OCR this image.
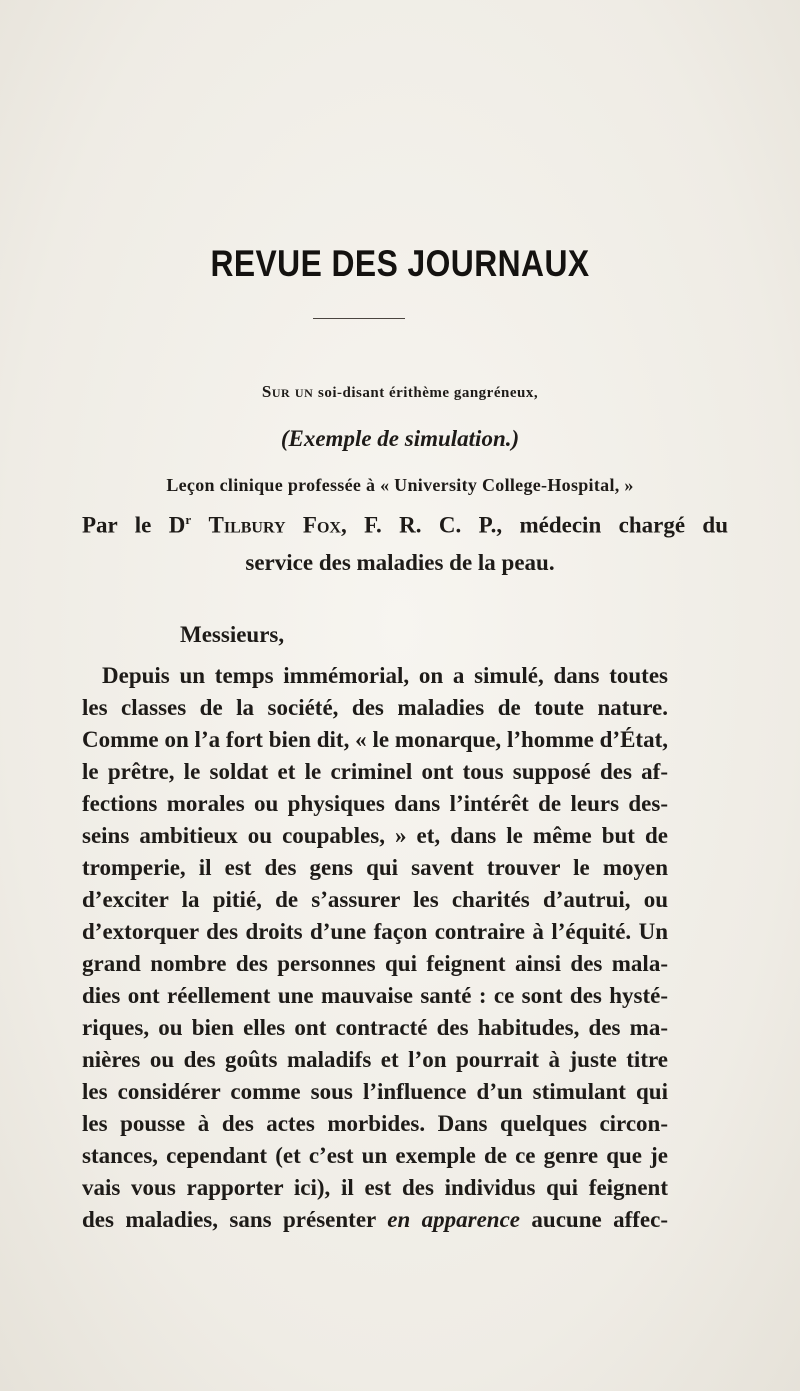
REVUE DES JOURNAUX
Sur un soi-disant érithème gangréneux,
(Exemple de simulation.)
Leçon clinique professée à « University College-Hospital, »
Par le $D^r$ Tilbury Fox, F. R. C. P., médecin chargé du
service des maladies de la peau.
Messieurs,
Depuis un temps immémorial, on a simulé, dans toutes
les classes de la société, des maladies de toute nature.
Comme on l’a fort bien dit, « le monarque, l’homme d’État,
le prêtre, le soldat et le criminel ont tous supposé des af-
fections morales ou physiques dans l’intérêt de leurs des-
seins ambitieux ou coupables, » et, dans le même but de
tromperie, il est des gens qui savent trouver le moyen
d’exciter la pitié, de s’assurer les charités d’autrui, ou
d’extorquer des droits d’une façon contraire à l’équité. Un
grand nombre des personnes qui feignent ainsi des mala-
dies ont réellement une mauvaise santé : ce sont des hysté-
riques, ou bien elles ont contracté des habitudes, des ma-
nières ou des goûts maladifs et l’on pourrait à juste titre
les considérer comme sous l’influence d’un stimulant qui
les pousse à des actes morbides. Dans quelques circon-
stances, cependant (et c’est un exemple de ce genre que je
vais vous rapporter ici), il est des individus qui feignent
des maladies, sans présenter en apparence aucune affec-
